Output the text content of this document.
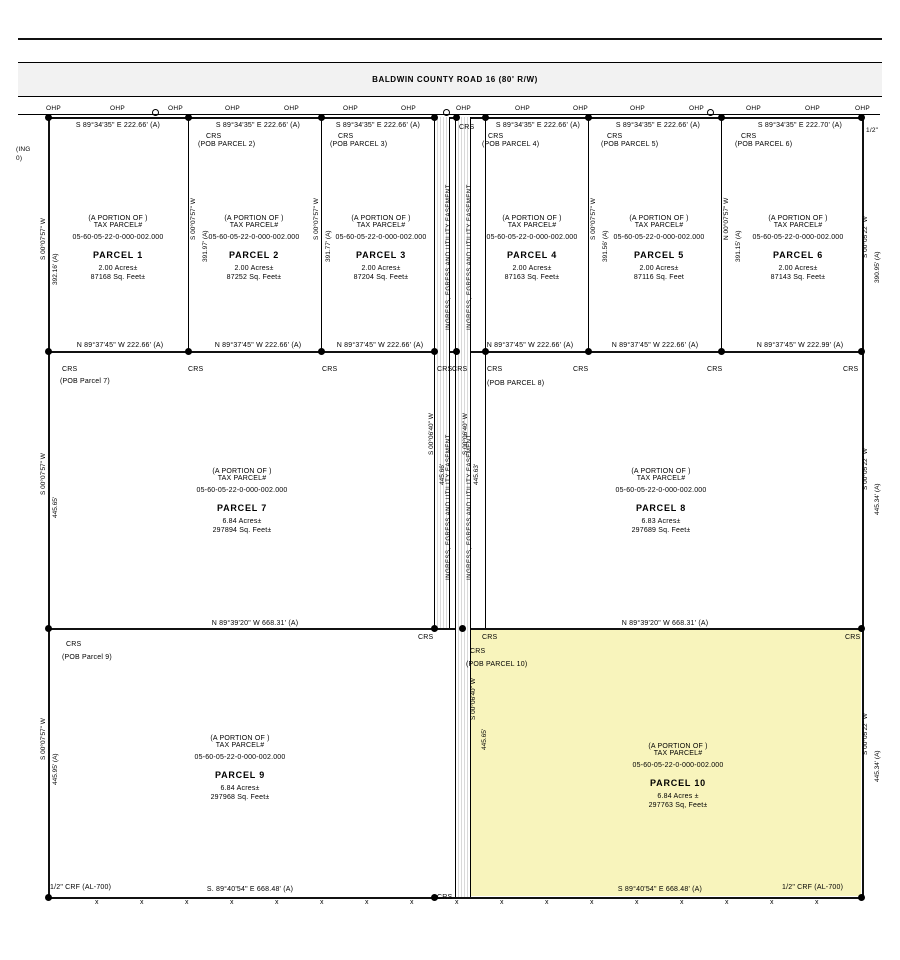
BALDWIN COUNTY ROAD 16 (80' R/W)
OHP	OHP	OHP	OHP	OHP	OHP	OHP	OHP	OHP	OHP	OHP	OHP	OHP	OHP	OHP
S 89°34'35" E 222.66' (A)	S 89°34'35" E 222.66' (A)	S 89°34'35" E 222.66' (A)	S 89°34'35" E 222.66' (A)	S 89°34'35" E 222.66' (A)	S 89°34'35" E 222.70' (A)
N 89°37'45" W 222.66' (A)	N 89°37'45" W 222.66' (A)	N 89°37'45" W 222.66' (A)	N 89°37'45" W 222.66' (A)	N 89°37'45" W 222.66' (A)	N 89°37'45" W 222.99' (A)
N 89°39'20" W 668.31' (A)	N 89°39'20" W 668.31' (A)
S. 89°40'54" E 668.48' (A)	S 89°40'54" E 668.48' (A)
CRS	CRS	CRS	CRS	CRS
CRS
CRS	CRS	CRS	CRS CRS	CRS	CRS	CRS	CRS
CRS
CRS
CRS
CRS	CRS
CRS
(A PORTION OF )
TAX PARCEL#
05-60-05-22-0-000-002.000
PARCEL 1
2.00 Acres±
87168 Sq. Feet±
(A PORTION OF )
TAX PARCEL#
05-60-05-22-0-000-002.000
PARCEL 2
2.00 Acres±
87252 Sq. Feet±
(A PORTION OF )
TAX PARCEL#
05-60-05-22-0-000-002.000
PARCEL 3
2.00 Acres±
87204 Sq. Feet±
(A PORTION OF )
TAX PARCEL#
05-60-05-22-0-000-002.000
PARCEL 4
2.00 Acres±
87163 Sq. Feet±
(A PORTION OF )
TAX PARCEL#
05-60-05-22-0-000-002.000
PARCEL 5
2.00 Acres±
87116 Sq. Feet
(A PORTION OF )
TAX PARCEL#
05-60-05-22-0-000-002.000
PARCEL 6
2.00 Acres±
87143 Sq. Feet±
(A PORTION OF )
TAX PARCEL#
05-60-05-22-0-000-002.000
PARCEL 7
6.84 Acres±
297894 Sq. Feet±
(A PORTION OF )
TAX PARCEL#
05-60-05-22-0-000-002.000
PARCEL 8
6.83 Acres±
297689 Sq. Feet±
(A PORTION OF )
TAX PARCEL#
05-60-05-22-0-000-002.000
PARCEL 9
6.84 Acres±
297968 Sq. Feet±
(A PORTION OF )
TAX PARCEL#
05-60-05-22-0-000-002.000
PARCEL 10
6.84 Acres ±
297763 Sq, Feet±
(POB PARCEL 2)	(POB PARCEL 3)	(POB PARCEL 4)	(POB PARCEL 5)	(POB PARCEL 6)
(POB Parcel 7)	(POB PARCEL 8)
(POB Parcel 9)
(POB PARCEL 10)
S 00°07'57" W
392.16' (A)
S 00°05'22" W
390.95' (A)
S 00°07'57" W
445.65'
S 00°05'22" W
445.34' (A)
S 00°07'57" W
445.95' (A)
S 00°05'22" W
445.34' (A)
S 00°07'57" W
391.97' (A)
S 00°07'57" W
391.77' (A)
S 00°07'57" W
391.56' (A)
N 00°07'57" W
391.15' (A)
S 00°06'40" W
445.66'
S 00°06'40" W
445.63'
S 00°06'40" W
445.65'
INGRESS, EGRESS AND UTILITY EASEMENT	INGRESS, EGRESS AND UTILITY EASEMENT
INGRESS, EGRESS AND UTILITY EASEMENT	INGRESS, EGRESS AND UTILITY EASEMENT
(ING
0)
1/2"
1/2" CRF (AL-700)	1/2" CRF (AL-700)
x	x	x	x	x	x	x	x	x	x	x	x	x	x	x	x	x
